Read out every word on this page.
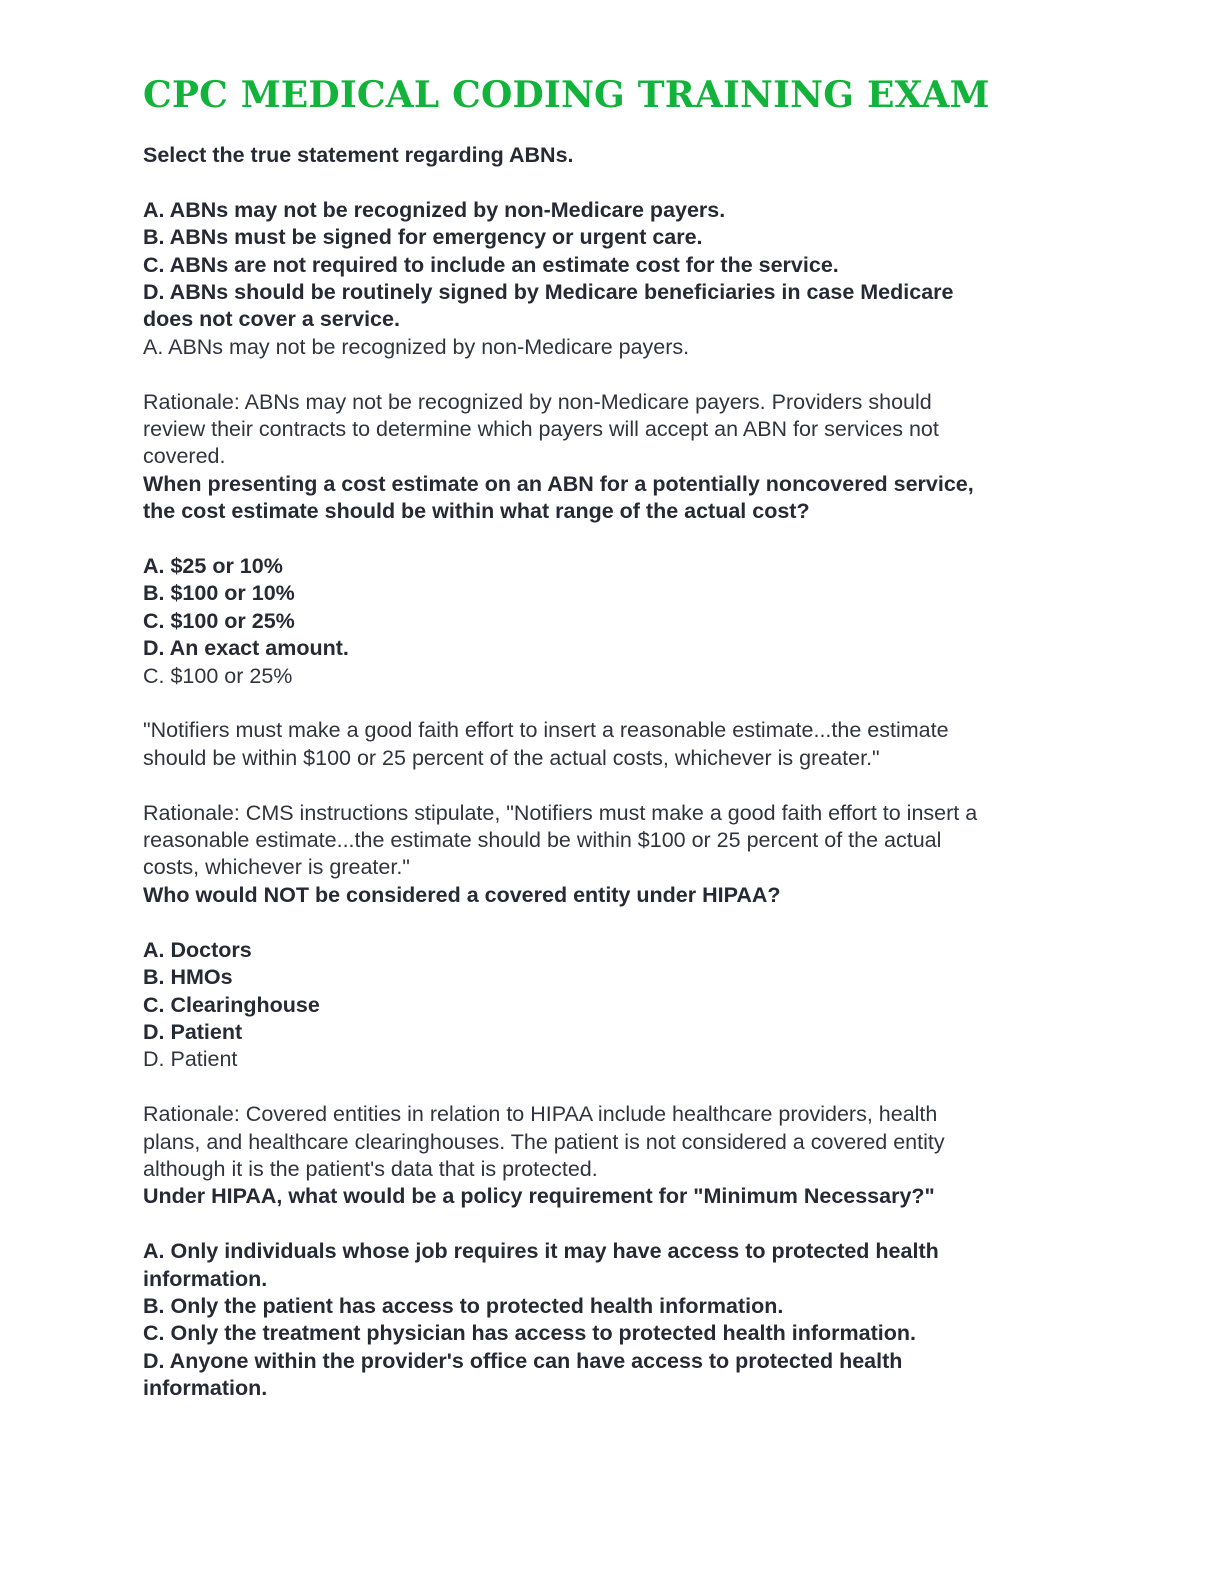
CPC MEDICAL CODING TRAINING EXAM

Select the true statement regarding ABNs.

A. ABNs may not be recognized by non-Medicare payers.

B. ABNs must be signed for emergency or urgent care.

C. ABNs are not required to include an estimate cost for the service.

D. ABNs should be routinely signed by Medicare beneficiaries in case Medicare

does not cover a service.

A. ABNs may not be recognized by non-Medicare payers.

Rationale: ABNs may not be recognized by non-Medicare payers. Providers should

review their contracts to determine which payers will accept an ABN for services not

covered.

When presenting a cost estimate on an ABN for a potentially noncovered service,

the cost estimate should be within what range of the actual cost?

A. $25 or 10%

B. $100 or 10%

C. $100 or 25%

D. An exact amount.

C. $100 or 25%

"Notifiers must make a good faith effort to insert a reasonable estimate...the estimate

should be within $100 or 25 percent of the actual costs, whichever is greater."

Rationale: CMS instructions stipulate, "Notifiers must make a good faith effort to insert a

reasonable estimate...the estimate should be within $100 or 25 percent of the actual

costs, whichever is greater."

Who would NOT be considered a covered entity under HIPAA?

A. Doctors

B. HMOs

C. Clearinghouse

D. Patient

D. Patient

Rationale: Covered entities in relation to HIPAA include healthcare providers, health

plans, and healthcare clearinghouses. The patient is not considered a covered entity

although it is the patient's data that is protected.

Under HIPAA, what would be a policy requirement for "Minimum Necessary?"

A. Only individuals whose job requires it may have access to protected health

information.

B. Only the patient has access to protected health information.

C. Only the treatment physician has access to protected health information.

D. Anyone within the provider's office can have access to protected health

information.
